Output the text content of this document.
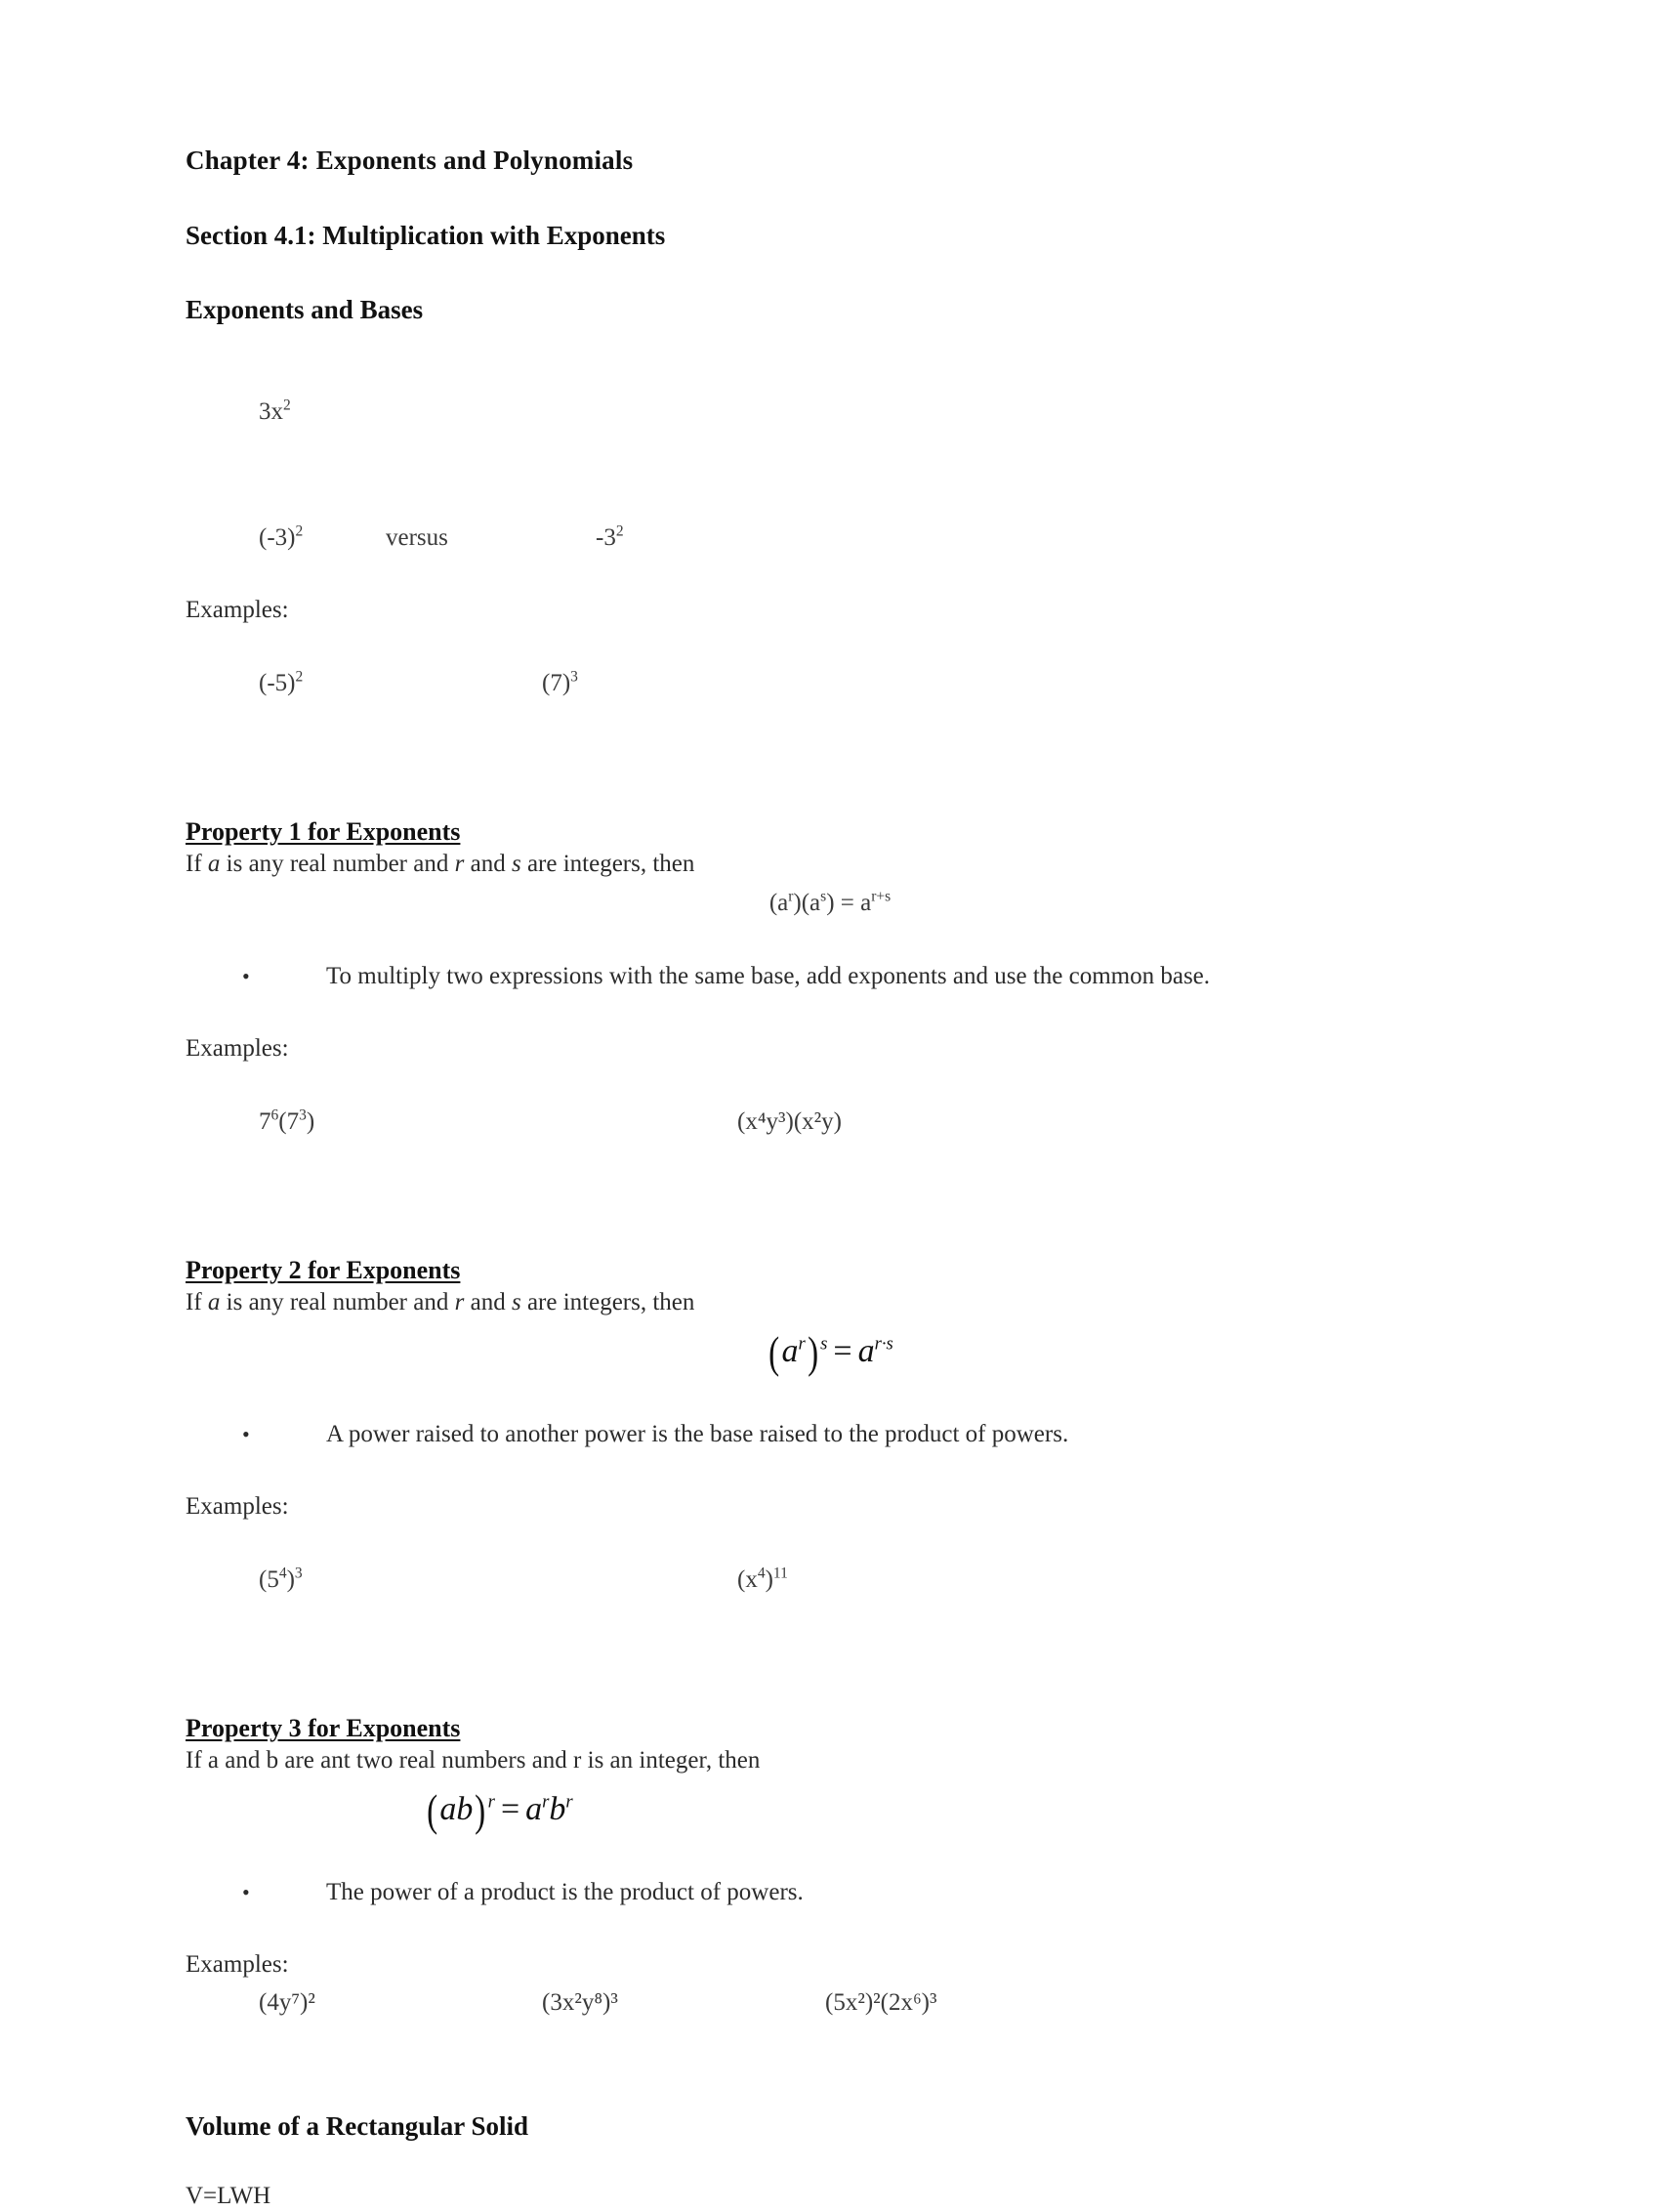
Chapter 4: Exponents and Polynomials
Section 4.1: Multiplication with Exponents
Exponents and Bases
$3x^2$
$(-3)^2$	versus	$-3^2$
Examples:
$(-5)^2$	$(7)^3$
Property 1 for Exponents
If a is any real number and r and s are integers, then
$(a^r)(a^s) = a^{r+s}$
•	To multiply two expressions with the same base, add exponents and use the common base.
Examples:
$7^6(7^3)$	(x⁴y³)(x²y)
Property 2 for Exponents
If a is any real number and r and s are integers, then
$(a^r) ^s = a^{r\cdot s}$
•	A power raised to another power is the base raised to the product of powers.
Examples:
$(5^4)^3$	$(x^4)^{11}$
Property 3 for Exponents
If a and b are ant two real numbers and r is an integer, then
(ab) $^r = a^rb^r$
•	The power of a product is the product of powers.
Examples:
(4y⁷)²	(3x²y⁸)³	(5x²)²(2x⁶)³
Volume of a Rectangular Solid
V=LWH
